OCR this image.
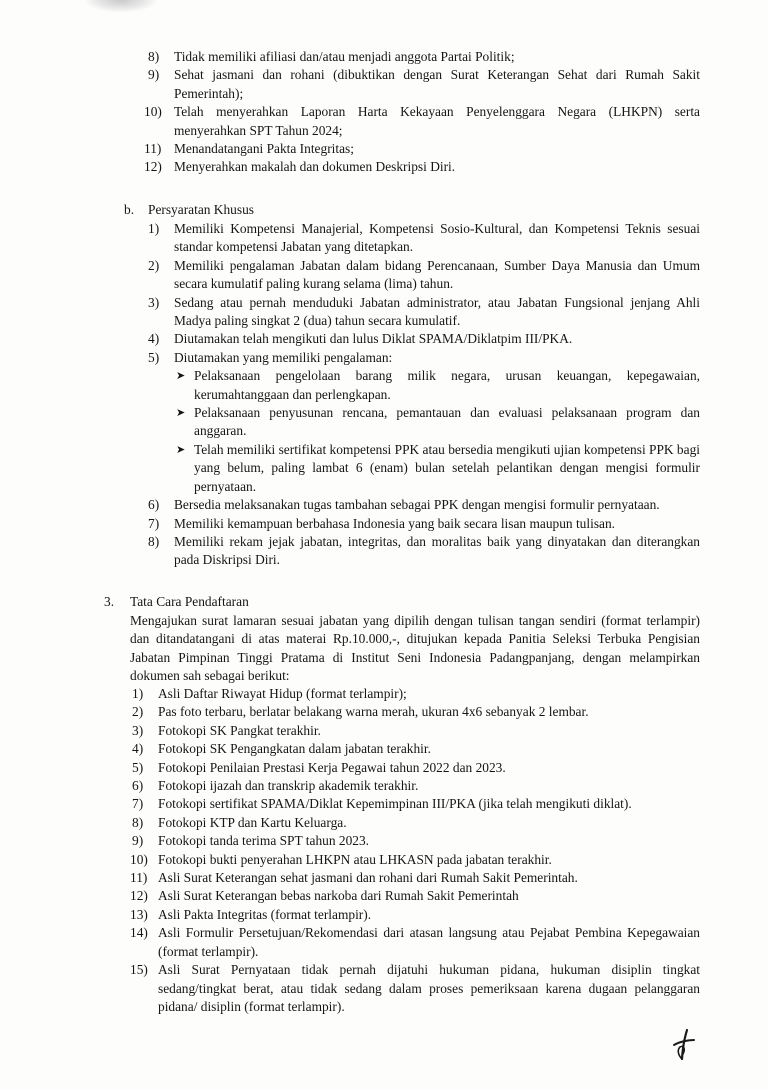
8) Tidak memiliki afiliasi dan/atau menjadi anggota Partai Politik;
9) Sehat jasmani dan rohani (dibuktikan dengan Surat Keterangan Sehat dari Rumah Sakit Pemerintah);
10) Telah menyerahkan Laporan Harta Kekayaan Penyelenggara Negara (LHKPN) serta menyerahkan SPT Tahun 2024;
11) Menandatangani Pakta Integritas;
12) Menyerahkan makalah dan dokumen Deskripsi Diri.
b. Persyaratan Khusus
1) Memiliki Kompetensi Manajerial, Kompetensi Sosio-Kultural, dan Kompetensi Teknis sesuai standar kompetensi Jabatan yang ditetapkan.
2) Memiliki pengalaman Jabatan dalam bidang Perencanaan, Sumber Daya Manusia dan Umum secara kumulatif paling kurang selama (lima) tahun.
3) Sedang atau pernah menduduki Jabatan administrator, atau Jabatan Fungsional jenjang Ahli Madya paling singkat 2 (dua) tahun secara kumulatif.
4) Diutamakan telah mengikuti dan lulus Diklat SPAMA/Diklatpim III/PKA.
5) Diutamakan yang memiliki pengalaman:
➤ Pelaksanaan pengelolaan barang milik negara, urusan keuangan, kepegawaian, kerumahtanggaan dan perlengkapan.
➤ Pelaksanaan penyusunan rencana, pemantauan dan evaluasi pelaksanaan program dan anggaran.
➤ Telah memiliki sertifikat kompetensi PPK atau bersedia mengikuti ujian kompetensi PPK bagi yang belum, paling lambat 6 (enam) bulan setelah pelantikan dengan mengisi formulir pernyataan.
6) Bersedia melaksanakan tugas tambahan sebagai PPK dengan mengisi formulir pernyataan.
7) Memiliki kemampuan berbahasa Indonesia yang baik secara lisan maupun tulisan.
8) Memiliki rekam jejak jabatan, integritas, dan moralitas baik yang dinyatakan dan diterangkan pada Diskripsi Diri.
3. Tata Cara Pendaftaran

Mengajukan surat lamaran sesuai jabatan yang dipilih dengan tulisan tangan sendiri (format terlampir) dan ditandatangani di atas materai Rp.10.000,-, ditujukan kepada Panitia Seleksi Terbuka Pengisian Jabatan Pimpinan Tinggi Pratama di Institut Seni Indonesia Padangpanjang, dengan melampirkan dokumen sah sebagai berikut:

1) Asli Daftar Riwayat Hidup (format terlampir);
2) Pas foto terbaru, berlatar belakang warna merah, ukuran 4x6 sebanyak 2 lembar.
3) Fotokopi SK Pangkat terakhir.
4) Fotokopi SK Pengangkatan dalam jabatan terakhir.
5) Fotokopi Penilaian Prestasi Kerja Pegawai tahun 2022 dan 2023.
6) Fotokopi ijazah dan transkrip akademik terakhir.
7) Fotokopi sertifikat SPAMA/Diklat Kepemimpinan III/PKA (jika telah mengikuti diklat).
8) Fotokopi KTP dan Kartu Keluarga.
9) Fotokopi tanda terima SPT tahun 2023.
10) Fotokopi bukti penyerahan LHKPN atau LHKASN pada jabatan terakhir.
11) Asli Surat Keterangan sehat jasmani dan rohani dari Rumah Sakit Pemerintah.
12) Asli Surat Keterangan bebas narkoba dari Rumah Sakit Pemerintah
13) Asli Pakta Integritas (format terlampir).
14) Asli Formulir Persetujuan/Rekomendasi dari atasan langsung atau Pejabat Pembina Kepegawaian (format terlampir).
15) Asli Surat Pernyataan tidak pernah dijatuhi hukuman pidana, hukuman disiplin tingkat sedang/tingkat berat, atau tidak sedang dalam proses pemeriksaan karena dugaan pelanggaran pidana/ disiplin (format terlampir).
